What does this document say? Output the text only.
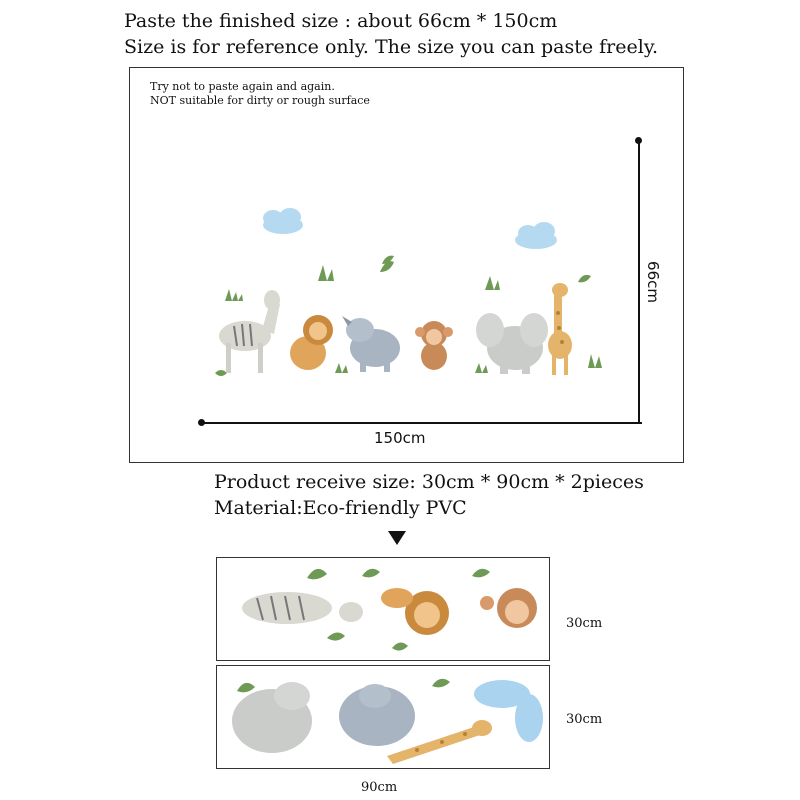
Paste the finished size : about 66cm * 150cm
Size is for reference only. The size you can paste freely.
Try not to paste again and again.
NOT suitable for dirty or rough surface
150cm
66cm
Product receive size: 30cm * 90cm * 2pieces
Material:Eco-friendly PVC
30cm
30cm
90cm
